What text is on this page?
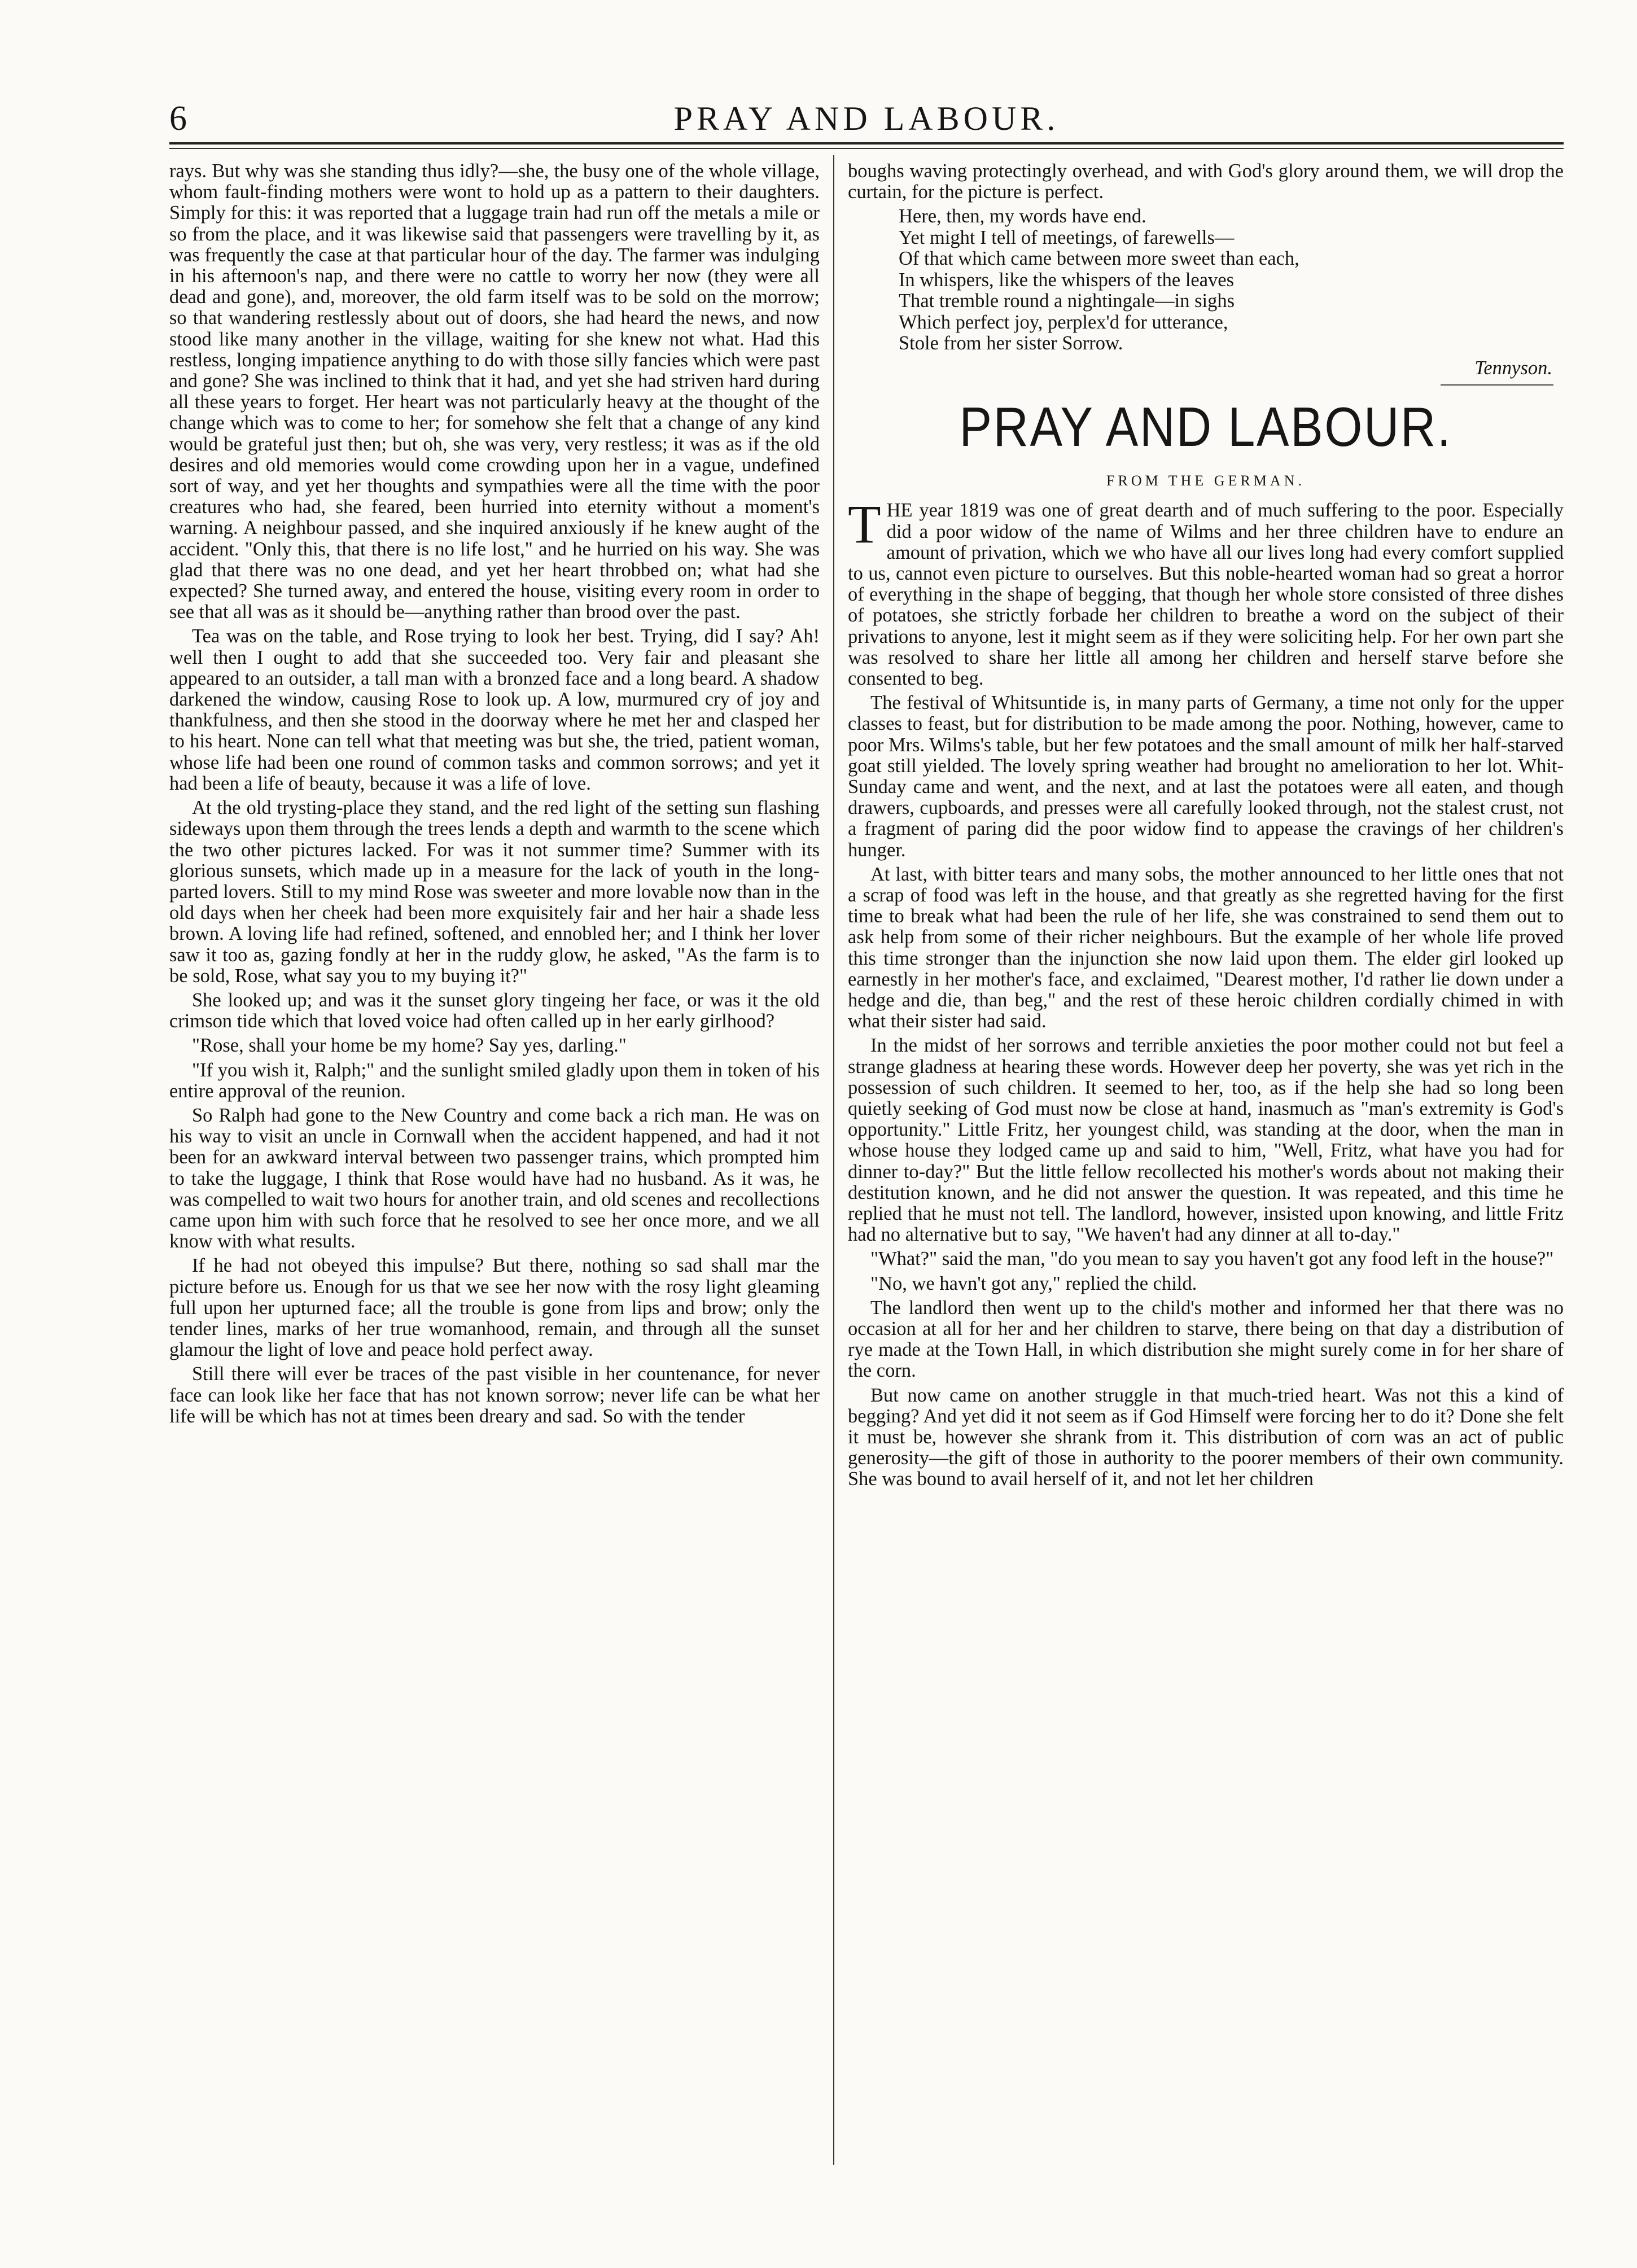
6	PRAY AND LABOUR.

rays. But why was she standing thus idly?—she, the busy one of the whole village, whom fault-finding mothers were wont to hold up as a pattern to their daughters. Simply for this: it was reported that a luggage train had run off the metals a mile or so from the place, and it was likewise said that passengers were travelling by it, as was frequently the case at that particular hour of the day. The farmer was indulging in his afternoon's nap, and there were no cattle to worry her now (they were all dead and gone), and, moreover, the old farm itself was to be sold on the morrow; so that wandering restlessly about out of doors, she had heard the news, and now stood like many another in the village, waiting for she knew not what. Had this restless, longing impatience anything to do with those silly fancies which were past and gone? She was inclined to think that it had, and yet she had striven hard during all these years to forget. Her heart was not particularly heavy at the thought of the change which was to come to her; for somehow she felt that a change of any kind would be grateful just then; but oh, she was very, very restless; it was as if the old desires and old memories would come crowding upon her in a vague, undefined sort of way, and yet her thoughts and sympathies were all the time with the poor creatures who had, she feared, been hurried into eternity without a moment's warning. A neighbour passed, and she inquired anxiously if he knew aught of the accident. "Only this, that there is no life lost," and he hurried on his way. She was glad that there was no one dead, and yet her heart throbbed on; what had she expected? She turned away, and entered the house, visiting every room in order to see that all was as it should be—anything rather than brood over the past.

Tea was on the table, and Rose trying to look her best. Trying, did I say? Ah! well then I ought to add that she succeeded too. Very fair and pleasant she appeared to an outsider, a tall man with a bronzed face and a long beard. A shadow darkened the window, causing Rose to look up. A low, murmured cry of joy and thankfulness, and then she stood in the doorway where he met her and clasped her to his heart. None can tell what that meeting was but she, the tried, patient woman, whose life had been one round of common tasks and common sorrows; and yet it had been a life of beauty, because it was a life of love.

At the old trysting-place they stand, and the red light of the setting sun flashing sideways upon them through the trees lends a depth and warmth to the scene which the two other pictures lacked. For was it not summer time? Summer with its glorious sunsets, which made up in a measure for the lack of youth in the long-parted lovers. Still to my mind Rose was sweeter and more lovable now than in the old days when her cheek had been more exquisitely fair and her hair a shade less brown. A loving life had refined, softened, and ennobled her; and I think her lover saw it too as, gazing fondly at her in the ruddy glow, he asked, "As the farm is to be sold, Rose, what say you to my buying it?"

She looked up; and was it the sunset glory tingeing her face, or was it the old crimson tide which that loved voice had often called up in her early girlhood?

"Rose, shall your home be my home? Say yes, darling."

"If you wish it, Ralph;" and the sunlight smiled gladly upon them in token of his entire approval of the reunion.

So Ralph had gone to the New Country and come back a rich man. He was on his way to visit an uncle in Cornwall when the accident happened, and had it not been for an awkward interval between two passenger trains, which prompted him to take the luggage, I think that Rose would have had no husband. As it was, he was compelled to wait two hours for another train, and old scenes and recollections came upon him with such force that he resolved to see her once more, and we all know with what results.

If he had not obeyed this impulse? But there, nothing so sad shall mar the picture before us. Enough for us that we see her now with the rosy light gleaming full upon her upturned face; all the trouble is gone from lips and brow; only the tender lines, marks of her true womanhood, remain, and through all the sunset glamour the light of love and peace hold perfect away.

Still there will ever be traces of the past visible in her countenance, for never face can look like her face that has not known sorrow; never life can be what her life will be which has not at times been dreary and sad. So with the tender

boughs waving protectingly overhead, and with God's glory around them, we will drop the curtain, for the picture is perfect.

Here, then, my words have end.
Yet might I tell of meetings, of farewells—
Of that which came between more sweet than each,
In whispers, like the whispers of the leaves
That tremble round a nightingale—in sighs
Which perfect joy, perplex'd for utterance,
Stole from her sister Sorrow.
Tennyson.
PRAY AND LABOUR.
FROM THE GERMAN.

THE year 1819 was one of great dearth and of much suffering to the poor. Especially did a poor widow of the name of Wilms and her three children have to endure an amount of privation, which we who have all our lives long had every comfort supplied to us, cannot even picture to ourselves. But this noble-hearted woman had so great a horror of everything in the shape of begging, that though her whole store consisted of three dishes of potatoes, she strictly forbade her children to breathe a word on the subject of their privations to anyone, lest it might seem as if they were soliciting help. For her own part she was resolved to share her little all among her children and herself starve before she consented to beg.

The festival of Whitsuntide is, in many parts of Germany, a time not only for the upper classes to feast, but for distribution to be made among the poor. Nothing, however, came to poor Mrs. Wilms's table, but her few potatoes and the small amount of milk her half-starved goat still yielded. The lovely spring weather had brought no amelioration to her lot. Whit-Sunday came and went, and the next, and at last the potatoes were all eaten, and though drawers, cupboards, and presses were all carefully looked through, not the stalest crust, not a fragment of paring did the poor widow find to appease the cravings of her children's hunger.

At last, with bitter tears and many sobs, the mother announced to her little ones that not a scrap of food was left in the house, and that greatly as she regretted having for the first time to break what had been the rule of her life, she was constrained to send them out to ask help from some of their richer neighbours. But the example of her whole life proved this time stronger than the injunction she now laid upon them. The elder girl looked up earnestly in her mother's face, and exclaimed, "Dearest mother, I'd rather lie down under a hedge and die, than beg," and the rest of these heroic children cordially chimed in with what their sister had said.

In the midst of her sorrows and terrible anxieties the poor mother could not but feel a strange gladness at hearing these words. However deep her poverty, she was yet rich in the possession of such children. It seemed to her, too, as if the help she had so long been quietly seeking of God must now be close at hand, inasmuch as "man's extremity is God's opportunity." Little Fritz, her youngest child, was standing at the door, when the man in whose house they lodged came up and said to him, "Well, Fritz, what have you had for dinner to-day?" But the little fellow recollected his mother's words about not making their destitution known, and he did not answer the question. It was repeated, and this time he replied that he must not tell. The landlord, however, insisted upon knowing, and little Fritz had no alternative but to say, "We haven't had any dinner at all to-day."

"What?" said the man, "do you mean to say you haven't got any food left in the house?"

"No, we havn't got any," replied the child.

The landlord then went up to the child's mother and informed her that there was no occasion at all for her and her children to starve, there being on that day a distribution of rye made at the Town Hall, in which distribution she might surely come in for her share of the corn.

But now came on another struggle in that much-tried heart. Was not this a kind of begging? And yet did it not seem as if God Himself were forcing her to do it? Done she felt it must be, however she shrank from it. This distribution of corn was an act of public generosity—the gift of those in authority to the poorer members of their own community. She was bound to avail herself of it, and not let her children
